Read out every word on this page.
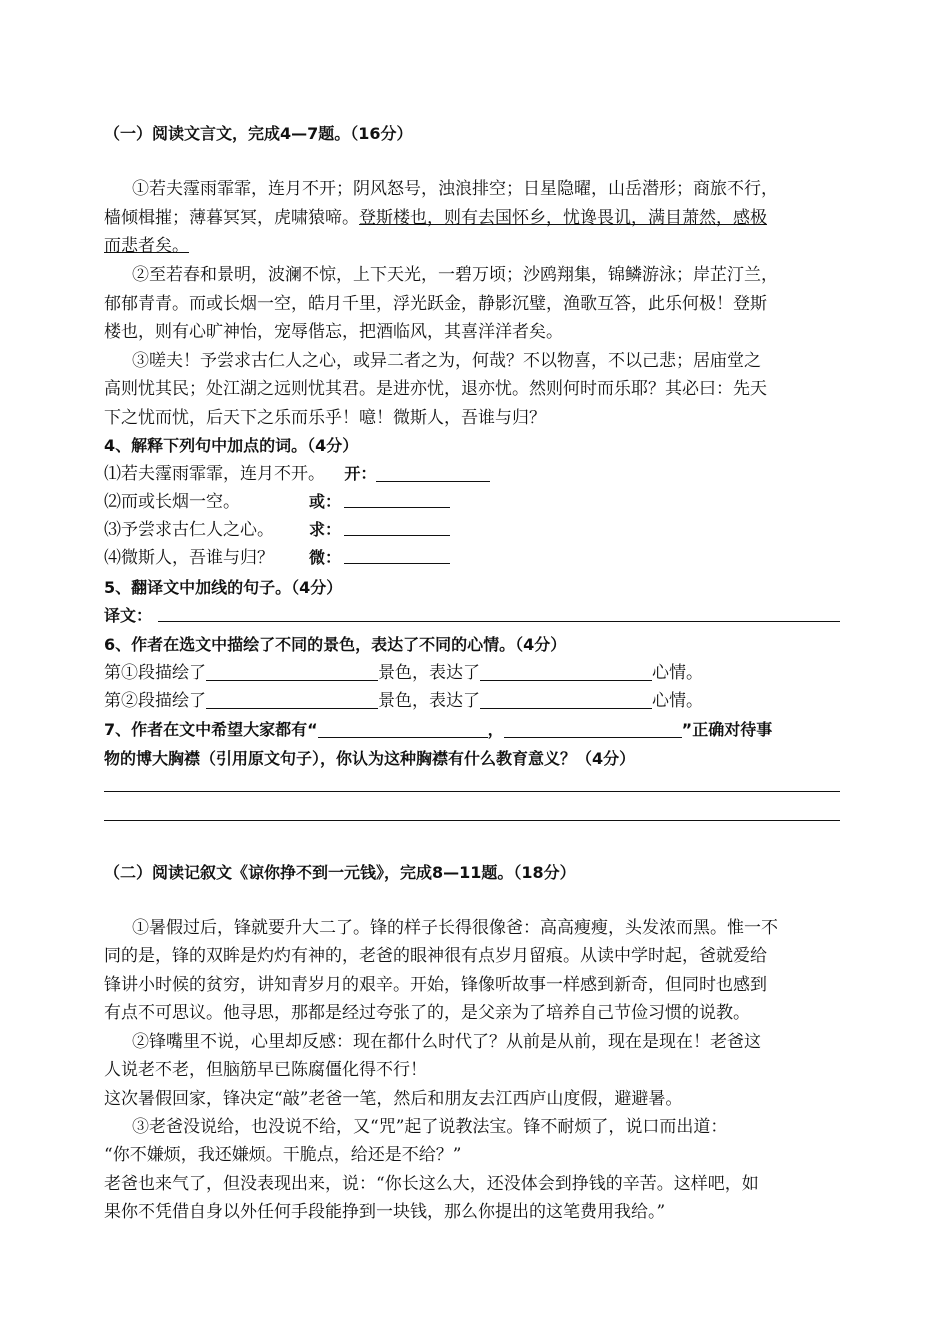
（一）阅读文言文，完成4—7题。（16分）
①若夫霪雨霏霏，连月不开；阴风怒号，浊浪排空；日星隐曜，山岳潜形；商旅不行，
樯倾楫摧；薄暮冥冥，虎啸猿啼。登斯楼也，则有去国怀乡，忧谗畏讥，满目萧然，感极
而悲者矣。
②至若春和景明，波澜不惊，上下天光，一碧万顷；沙鸥翔集，锦鳞游泳；岸芷汀兰，
郁郁青青。而或长烟一空，皓月千里，浮光跃金，静影沉璧，渔歌互答，此乐何极！登斯
楼也，则有心旷神怡，宠辱偕忘，把酒临风，其喜洋洋者矣。
③嗟夫！予尝求古仁人之心，或异二者之为，何哉？不以物喜，不以己悲；居庙堂之
高则忧其民；处江湖之远则忧其君。是进亦忧，退亦忧。然则何时而乐耶？其必曰：先天
下之忧而忧，后天下之乐而乐乎！噫！微斯人，吾谁与归？
4、解释下列句中加点的词。（4分）
⑴若夫霪雨霏霏，连月不开。 开：
⑵而或长烟一空。	或：
⑶予尝求古仁人之心。 求：
⑷微斯人，吾谁与归？ 微：
5、翻译文中加线的句子。（4分）
译文：
6、作者在选文中描绘了不同的景色，表达了不同的心情。（4分）
第①段描绘了	景色，表达了	心情。
第②段描绘了	景色，表达了	心情。
7、作者在文中希望大家都有“	，	”正确对待事
物的博大胸襟（引用原文句子），你认为这种胸襟有什么教育意义？（4分）
（二）阅读记叙文《谅你挣不到一元钱》，完成8—11题。（18分）
①暑假过后，锋就要升大二了。锋的样子长得很像爸：高高瘦瘦，头发浓而黑。惟一不
同的是，锋的双眸是灼灼有神的，老爸的眼神很有点岁月留痕。从读中学时起，爸就爱给
锋讲小时候的贫穷，讲知青岁月的艰辛。开始，锋像听故事一样感到新奇，但同时也感到
有点不可思议。他寻思，那都是经过夸张了的，是父亲为了培养自己节俭习惯的说教。
②锋嘴里不说，心里却反感：现在都什么时代了？从前是从前，现在是现在！老爸这
人说老不老，但脑筋早已陈腐僵化得不行！
这次暑假回家，锋决定“敲”老爸一笔，然后和朋友去江西庐山度假，避避暑。
③老爸没说给，也没说不给，又“咒”起了说教法宝。锋不耐烦了，说口而出道：
“你不嫌烦，我还嫌烦。干脆点，给还是不给？”
老爸也来气了，但没表现出来，说：“你长这么大，还没体会到挣钱的辛苦。这样吧，如
果你不凭借自身以外任何手段能挣到一块钱，那么你提出的这笔费用我给。”
